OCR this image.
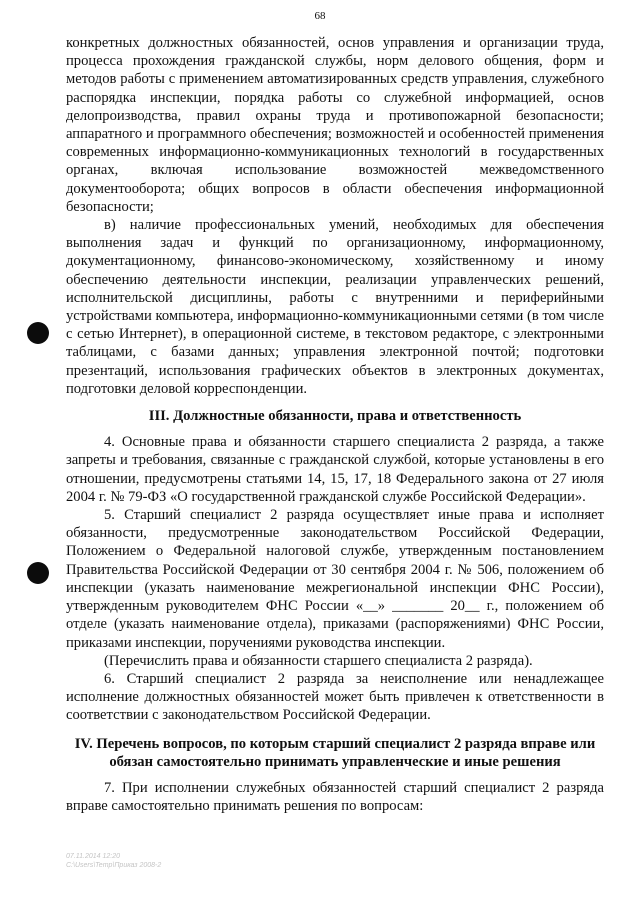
68

конкретных должностных обязанностей, основ управления и организации труда, процесса прохождения гражданской службы, норм делового общения, форм и методов работы с применением автоматизированных средств управления, служебного распорядка инспекции, порядка работы со служебной информацией, основ делопроизводства, правил охраны труда и противопожарной безопасности; аппаратного и программного обеспечения; возможностей и особенностей применения современных информационно-коммуникационных технологий в государственных органах, включая использование возможностей межведомственного документооборота; общих вопросов в области обеспечения информационной безопасности;

в) наличие профессиональных умений, необходимых для обеспечения выполнения задач и функций по организационному, информационному, документационному, финансово-экономическому, хозяйственному и иному обеспечению деятельности инспекции, реализации управленческих решений, исполнительской дисциплины, работы с внутренними и периферийными устройствами компьютера, информационно-коммуникационными сетями (в том числе с сетью Интернет), в операционной системе, в текстовом редакторе, с электронными таблицами, с базами данных; управления электронной почтой; подготовки презентаций, использования графических объектов в электронных документах, подготовки деловой корреспонденции.

III. Должностные обязанности, права и ответственность

4. Основные права и обязанности старшего специалиста 2 разряда, а также запреты и требования, связанные с гражданской службой, которые установлены в его отношении, предусмотрены статьями 14, 15, 17, 18 Федерального закона от 27 июля 2004 г. № 79-ФЗ «О государственной гражданской службе Российской Федерации».

5. Старший специалист 2 разряда осуществляет иные права и исполняет обязанности, предусмотренные законодательством Российской Федерации, Положением о Федеральной налоговой службе, утвержденным постановлением Правительства Российской Федерации от 30 сентября 2004 г. № 506, положением об инспекции (указать наименование межрегиональной инспекции ФНС России), утвержденным руководителем ФНС России «__» _______ 20__ г., положением об отделе (указать наименование отдела), приказами (распоряжениями) ФНС России, приказами инспекции, поручениями руководства инспекции.

(Перечислить права и обязанности старшего специалиста 2 разряда).

6. Старший специалист 2 разряда за неисполнение или ненадлежащее исполнение должностных обязанностей может быть привлечен к ответственности в соответствии с законодательством Российской Федерации.

IV. Перечень вопросов, по которым старший специалист 2 разряда вправе или
обязан самостоятельно принимать управленческие и иные решения

7. При исполнении служебных обязанностей старший специалист 2 разряда вправе самостоятельно принимать решения по вопросам:

07.11.2014 12:20
С:\Users\Temp\Приказ 2008-2
